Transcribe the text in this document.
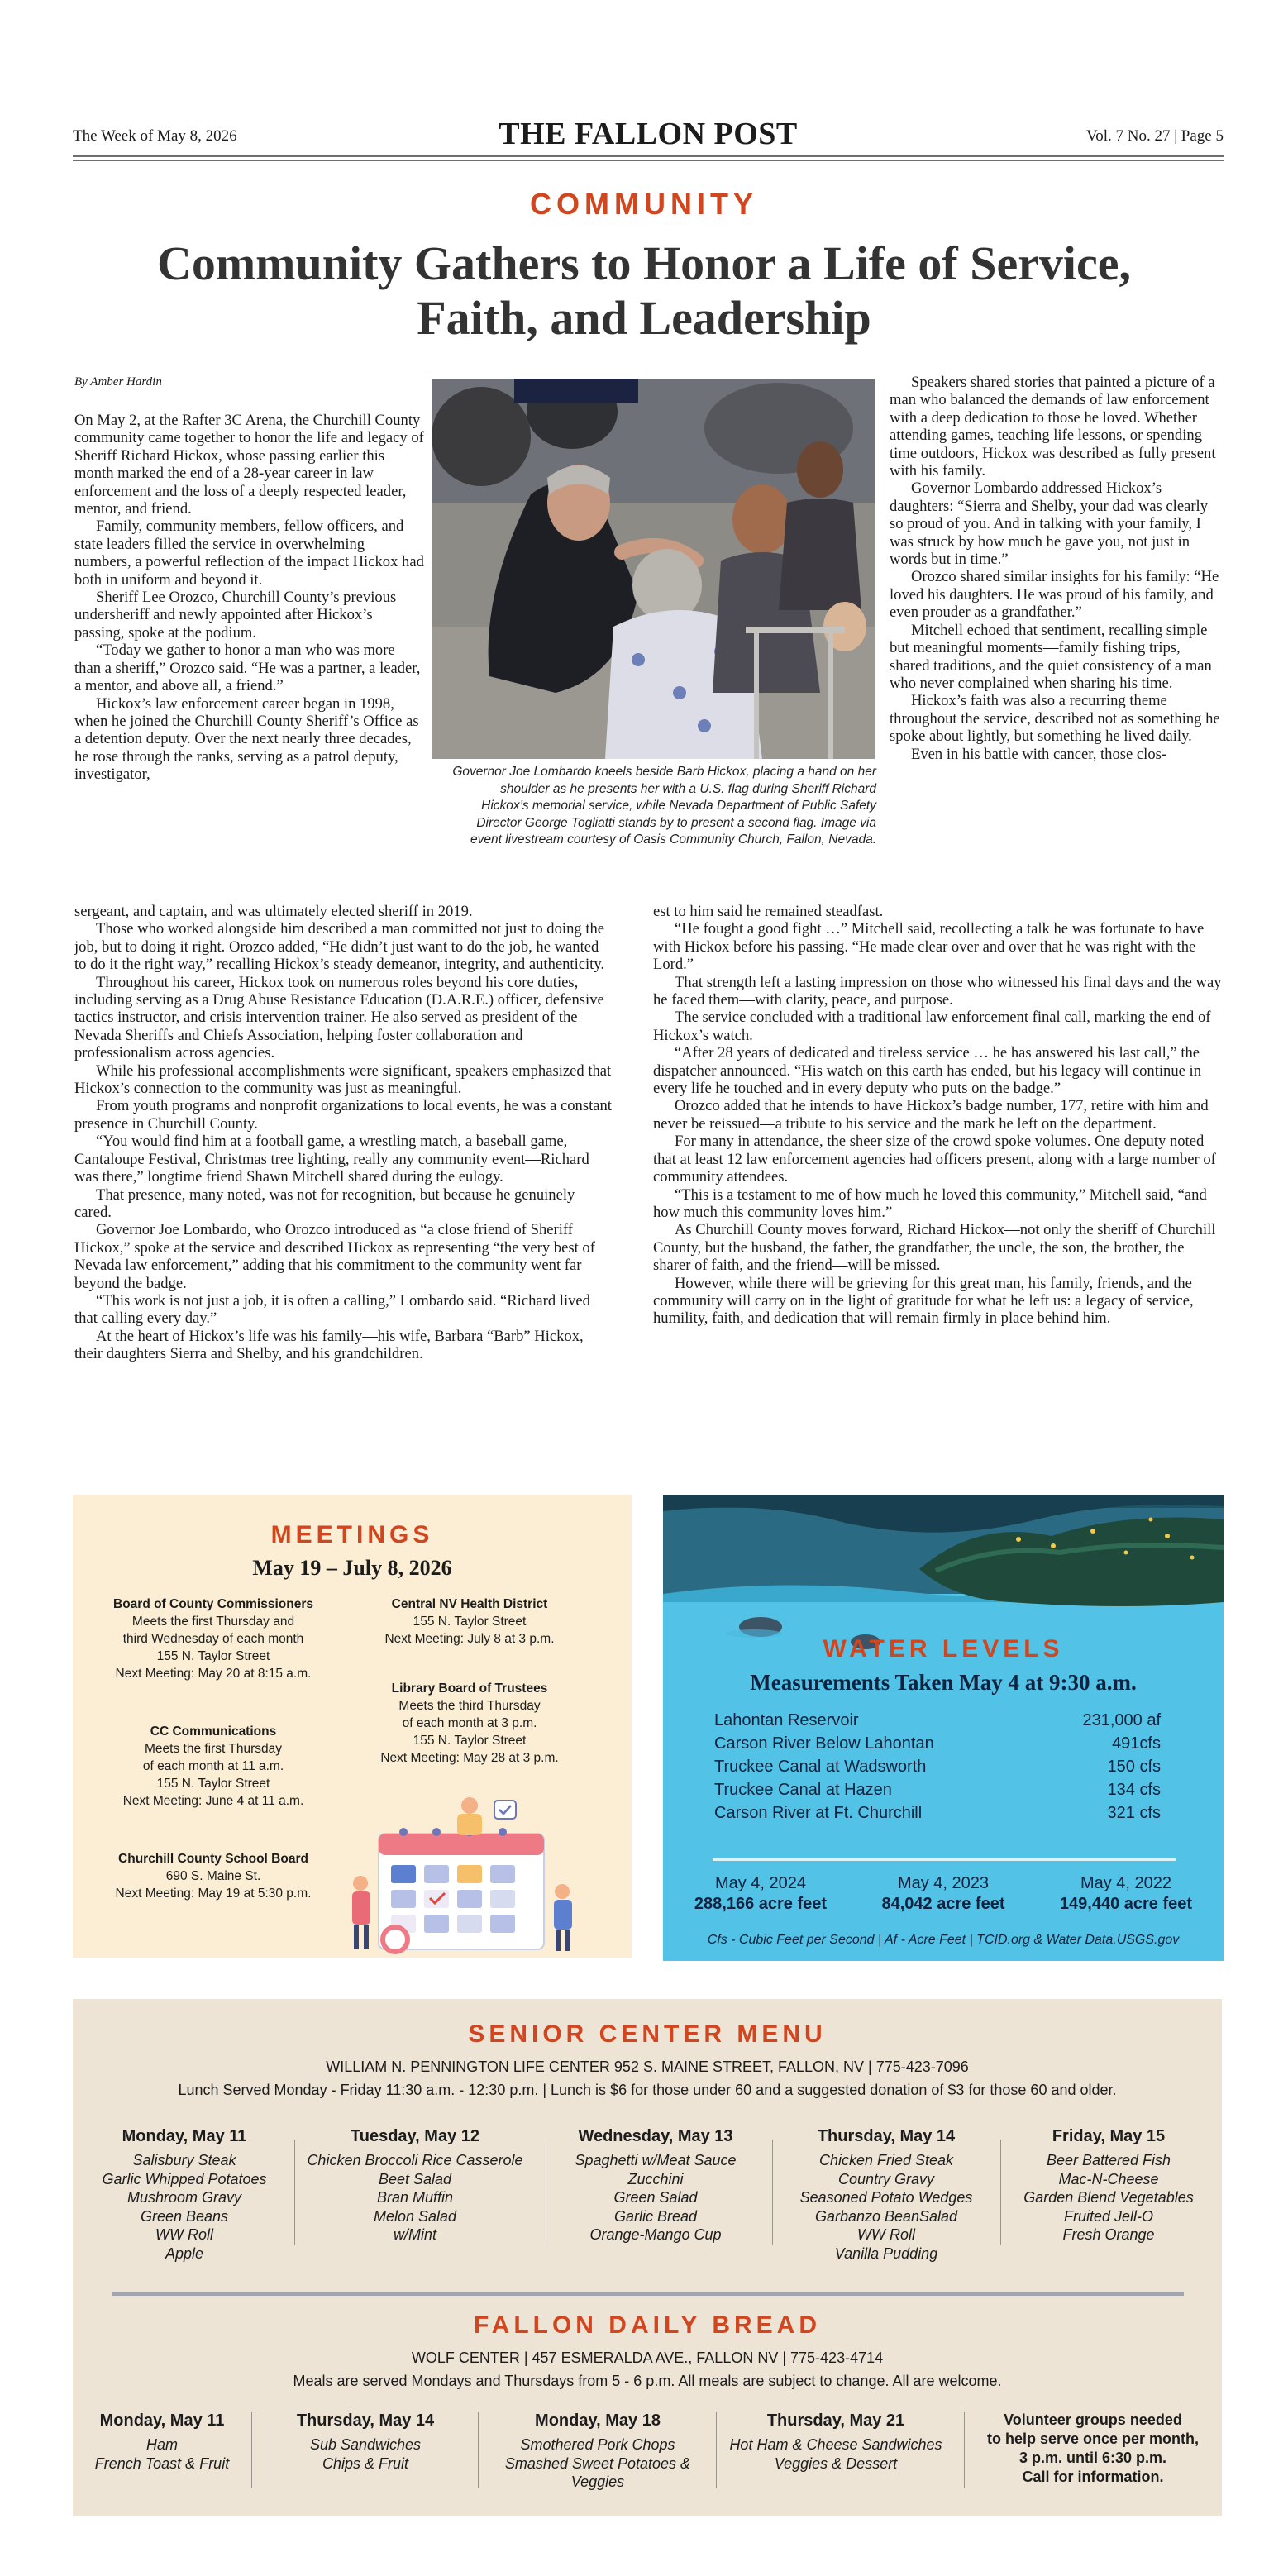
The Week of May 8, 2026	THE FALLON POST	Vol. 7 No. 27 | Page 5
COMMUNITY
Community Gathers to Honor a Life of Service,
Faith, and Leadership
By Amber Hardin
Governor Joe Lombardo kneels beside Barb Hickox, placing a hand on her
shoulder as he presents her with a U.S. flag during Sheriff Richard
Hickox’s memorial service, while Nevada Department of Public Safety
Director George Togliatti stands by to present a second flag. Image via
event livestream courtesy of Oasis Community Church, Fallon, Nevada.

On May 2, at the Rafter 3C Arena, the Churchill County community came together to honor the life and legacy of Sheriff Richard Hickox, whose passing earlier this month marked the end of a 28-year career in law enforcement and the loss of a deeply respected leader, mentor, and friend.

Family, community members, fellow officers, and state leaders filled the service in overwhelming numbers, a powerful reflection of the impact Hickox had both in uniform and beyond it.

Sheriff Lee Orozco, Churchill County’s previous undersheriff and newly appointed after Hickox’s passing, spoke at the podium.

“Today we gather to honor a man who was more than a sheriff,” Orozco said. “He was a partner, a leader, a mentor, and above all, a friend.”

Hickox’s law enforcement career began in 1998, when he joined the Churchill County Sheriff’s Office as a detention deputy. Over the next nearly three decades, he rose through the ranks, serving as a patrol deputy, investigator,

sergeant, and captain, and was ultimately elected sheriff in 2019.

Those who worked alongside him described a man committed not just to doing the job, but to doing it right. Orozco added, “He didn’t just want to do the job, he wanted to do it the right way,” recalling Hickox’s steady demeanor, integrity, and authenticity.

Throughout his career, Hickox took on numerous roles beyond his core duties, including serving as a Drug Abuse Resistance Education (D.A.R.E.) officer, defensive tactics instructor, and crisis intervention trainer. He also served as president of the Nevada Sheriffs and Chiefs Association, helping foster collaboration and professionalism across agencies.

While his professional accomplishments were significant, speakers emphasized that Hickox’s connection to the community was just as meaningful.

From youth programs and nonprofit organizations to local events, he was a constant presence in Churchill County.

“You would find him at a football game, a wrestling match, a baseball game, Cantaloupe Festival, Christmas tree lighting, really any community event—Richard was there,” longtime friend Shawn Mitchell shared during the eulogy.

That presence, many noted, was not for recognition, but because he genuinely cared.

Governor Joe Lombardo, who Orozco introduced as “a close friend of Sheriff Hickox,” spoke at the service and described Hickox as representing “the very best of Nevada law enforcement,” adding that his commitment to the community went far beyond the badge.

“This work is not just a job, it is often a calling,” Lombardo said. “Richard lived that calling every day.”

At the heart of Hickox’s life was his family—his wife, Barbara “Barb” Hickox, their daughters Sierra and Shelby, and his grandchildren.

Speakers shared stories that painted a picture of a man who balanced the demands of law enforcement with a deep dedication to those he loved. Whether attending games, teaching life lessons, or spending time outdoors, Hickox was described as fully present with his family.

Governor Lombardo addressed Hickox’s daughters: “Sierra and Shelby, your dad was clearly so proud of you. And in talking with your family, I was struck by how much he gave you, not just in words but in time.”

Orozco shared similar insights for his family: “He loved his daughters. He was proud of his family, and even prouder as a grandfather.”

Mitchell echoed that sentiment, recalling simple but meaningful moments—family fishing trips, shared traditions, and the quiet consistency of a man who never complained when sharing his time.

Hickox’s faith was also a recurring theme throughout the service, described not as something he spoke about lightly, but something he lived daily.

Even in his battle with cancer, those clos-

est to him said he remained steadfast.

“He fought a good fight …” Mitchell said, recollecting a talk he was fortunate to have with Hickox before his passing. “He made clear over and over that he was right with the Lord.”

That strength left a lasting impression on those who witnessed his final days and the way he faced them—with clarity, peace, and purpose.

The service concluded with a traditional law enforcement final call, marking the end of Hickox’s watch.

“After 28 years of dedicated and tireless service … he has answered his last call,” the dispatcher announced. “His watch on this earth has ended, but his legacy will continue in every life he touched and in every deputy who puts on the badge.”

Orozco added that he intends to have Hickox’s badge number, 177, retire with him and never be reissued—a tribute to his service and the mark he left on the department.

For many in attendance, the sheer size of the crowd spoke volumes. One deputy noted that at least 12 law enforcement agencies had officers present, along with a large number of community attendees.

“This is a testament to me of how much he loved this community,” Mitchell said, “and how much this community loves him.”

As Churchill County moves forward, Richard Hickox—not only the sheriff of Churchill County, but the husband, the father, the grandfather, the uncle, the son, the brother, the sharer of faith, and the friend—will be missed.

However, while there will be grieving for this great man, his family, friends, and the community will carry on in the light of gratitude for what he left us: a legacy of service, humility, faith, and dedication that will remain firmly in place behind him.

MEETINGS
May 19 – July 8, 2026
Board of County Commissioners
Meets the first Thursday and
third Wednesday of each month
155 N. Taylor Street
Next Meeting: May 20 at 8:15 a.m.
Central NV Health District
155 N. Taylor Street
Next Meeting: July 8 at 3 p.m.
Library Board of Trustees
Meets the third Thursday
of each month at 3 p.m.
155 N. Taylor Street
Next Meeting: May 28 at 3 p.m.
CC Communications
Meets the first Thursday
of each month at 11 a.m.
155 N. Taylor Street
Next Meeting: June 4 at 11 a.m.
Churchill County School Board
690 S. Maine St.
Next Meeting: May 19 at 5:30 p.m.
WATER LEVELS
Measurements Taken May 4 at 9:30 a.m.
Lahontan Reservoir	231,000 af
Carson River Below Lahontan	491cfs
Truckee Canal at Wadsworth	150 cfs
Truckee Canal at Hazen	134 cfs
Carson River at Ft. Churchill	321 cfs
May 4, 2024
288,166 acre feet
May 4, 2023
84,042 acre feet
May 4, 2022
149,440 acre feet
Cfs - Cubic Feet per Second | Af - Acre Feet | TCID.org & Water Data.USGS.gov
SENIOR CENTER MENU
WILLIAM N. PENNINGTON LIFE CENTER 952 S. MAINE STREET, FALLON, NV | 775-423-7096
Lunch Served Monday - Friday 11:30 a.m. - 12:30 p.m. | Lunch is $6 for those under 60 and a suggested donation of $3 for those 60 and older.
Monday, May 11
Salisbury Steak
Garlic Whipped Potatoes
Mushroom Gravy
Green Beans
WW Roll
Apple
Tuesday, May 12
Chicken Broccoli Rice Casserole
Beet Salad
Bran Muffin
Melon Salad
w/Mint
Wednesday, May 13
Spaghetti w/Meat Sauce
Zucchini
Green Salad
Garlic Bread
Orange-Mango Cup
Thursday, May 14
Chicken Fried Steak
Country Gravy
Seasoned Potato Wedges
Garbanzo BeanSalad
WW Roll
Vanilla Pudding
Friday, May 15
Beer Battered Fish
Mac-N-Cheese
Garden Blend Vegetables
Fruited Jell-O
Fresh Orange
FALLON DAILY BREAD
WOLF CENTER | 457 ESMERALDA AVE., FALLON NV | 775-423-4714
Meals are served Mondays and Thursdays from 5 - 6 p.m. All meals are subject to change. All are welcome.
Monday, May 11
Ham
French Toast & Fruit
Thursday, May 14
Sub Sandwiches
Chips & Fruit
Monday, May 18
Smothered Pork Chops
Smashed Sweet Potatoes & Veggies
Thursday, May 21
Hot Ham & Cheese Sandwiches
Veggies & Dessert
Volunteer groups needed
to help serve once per month,
3 p.m. until 6:30 p.m.
Call for information.
